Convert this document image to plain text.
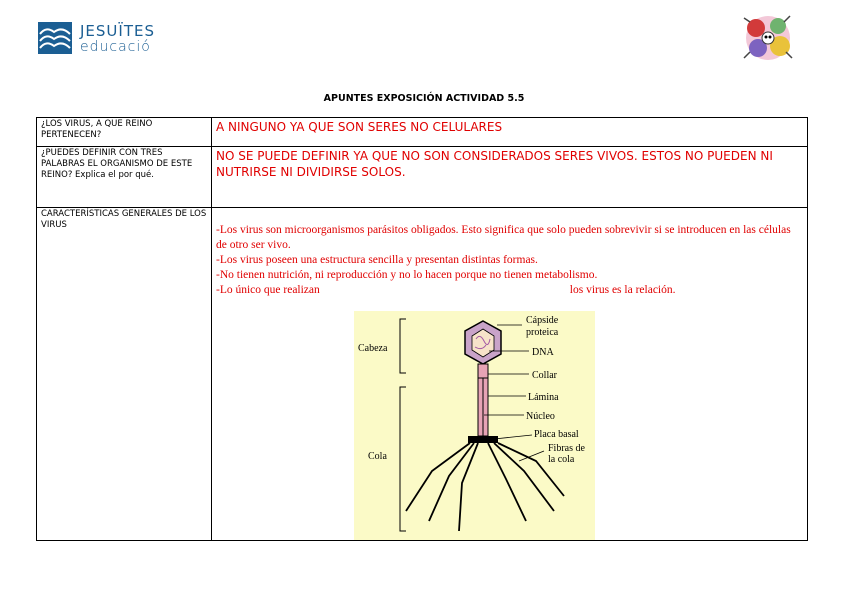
JESUÏTES
educació
APUNTES EXPOSICIÓN ACTIVIDAD 5.5
¿LOS VIRUS, A QUE REINO PERTENECEN?	A NINGUNO YA QUE SON SERES NO CELULARES
¿PUEDES DEFINIR CON TRES PALABRAS EL ORGANISMO DE ESTE REINO? Explica el por qué.	NO SE PUEDE DEFINIR YA QUE NO SON CONSIDERADOS SERES VIVOS. ESTOS NO PUEDEN NI NUTRIRSE NI DIVIDIRSE SOLOS.
CARACTERÍSTICAS GENERALES DE LOS VIRUS	-Los virus son microorganismos parásitos obligados. Esto significa que solo pueden sobrevivir si se introducen en las células de otro ser vivo.

-Los virus poseen una estructura sencilla y presentan distintas formas.

-No tienen nutrición, ni reproducción y no lo hacen porque no tienen metabolismo.

-Lo único que realizan los virus es la relación.

Cápside
proteica
DNA
Collar
Lámina
Núcleo
Placa basal
Fibras de
la cola
Cabeza
Cola
